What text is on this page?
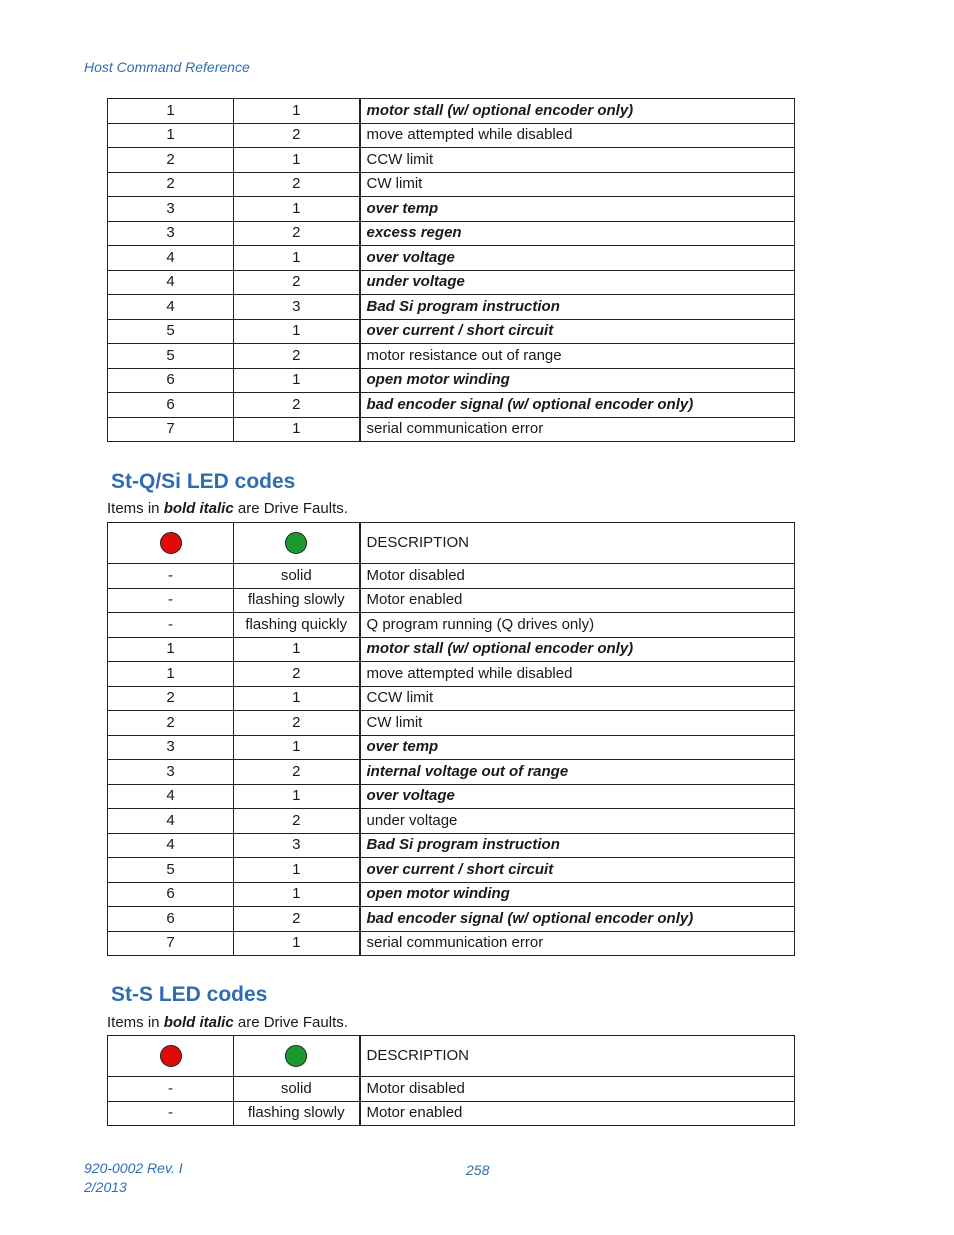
Host Command Reference
1	1	motor stall (w/ optional encoder only)
1	2	move attempted while disabled
2	1	CCW limit
2	2	CW limit
3	1	over temp
3	2	excess regen
4	1	over voltage
4	2	under voltage
4	3	Bad Si program instruction
5	1	over current / short circuit
5	2	motor resistance out of range
6	1	open motor winding
6	2	bad encoder signal (w/ optional encoder only)
7	1	serial communication error
St-Q/Si LED codes
Items in bold italic are Drive Faults.
		DESCRIPTION
-	solid	Motor disabled
-	flashing slowly	Motor enabled
-	flashing quickly	Q program running (Q drives only)
1	1	motor stall (w/ optional encoder only)
1	2	move attempted while disabled
2	1	CCW limit
2	2	CW limit
3	1	over temp
3	2	internal voltage out of range
4	1	over voltage
4	2	under voltage
4	3	Bad Si program instruction
5	1	over current / short circuit
6	1	open motor winding
6	2	bad encoder signal (w/ optional encoder only)
7	1	serial communication error
St-S LED codes
Items in bold italic are Drive Faults.
		DESCRIPTION
-	solid	Motor disabled
-	flashing slowly	Motor enabled
920-0002 Rev. I
2/2013
258
